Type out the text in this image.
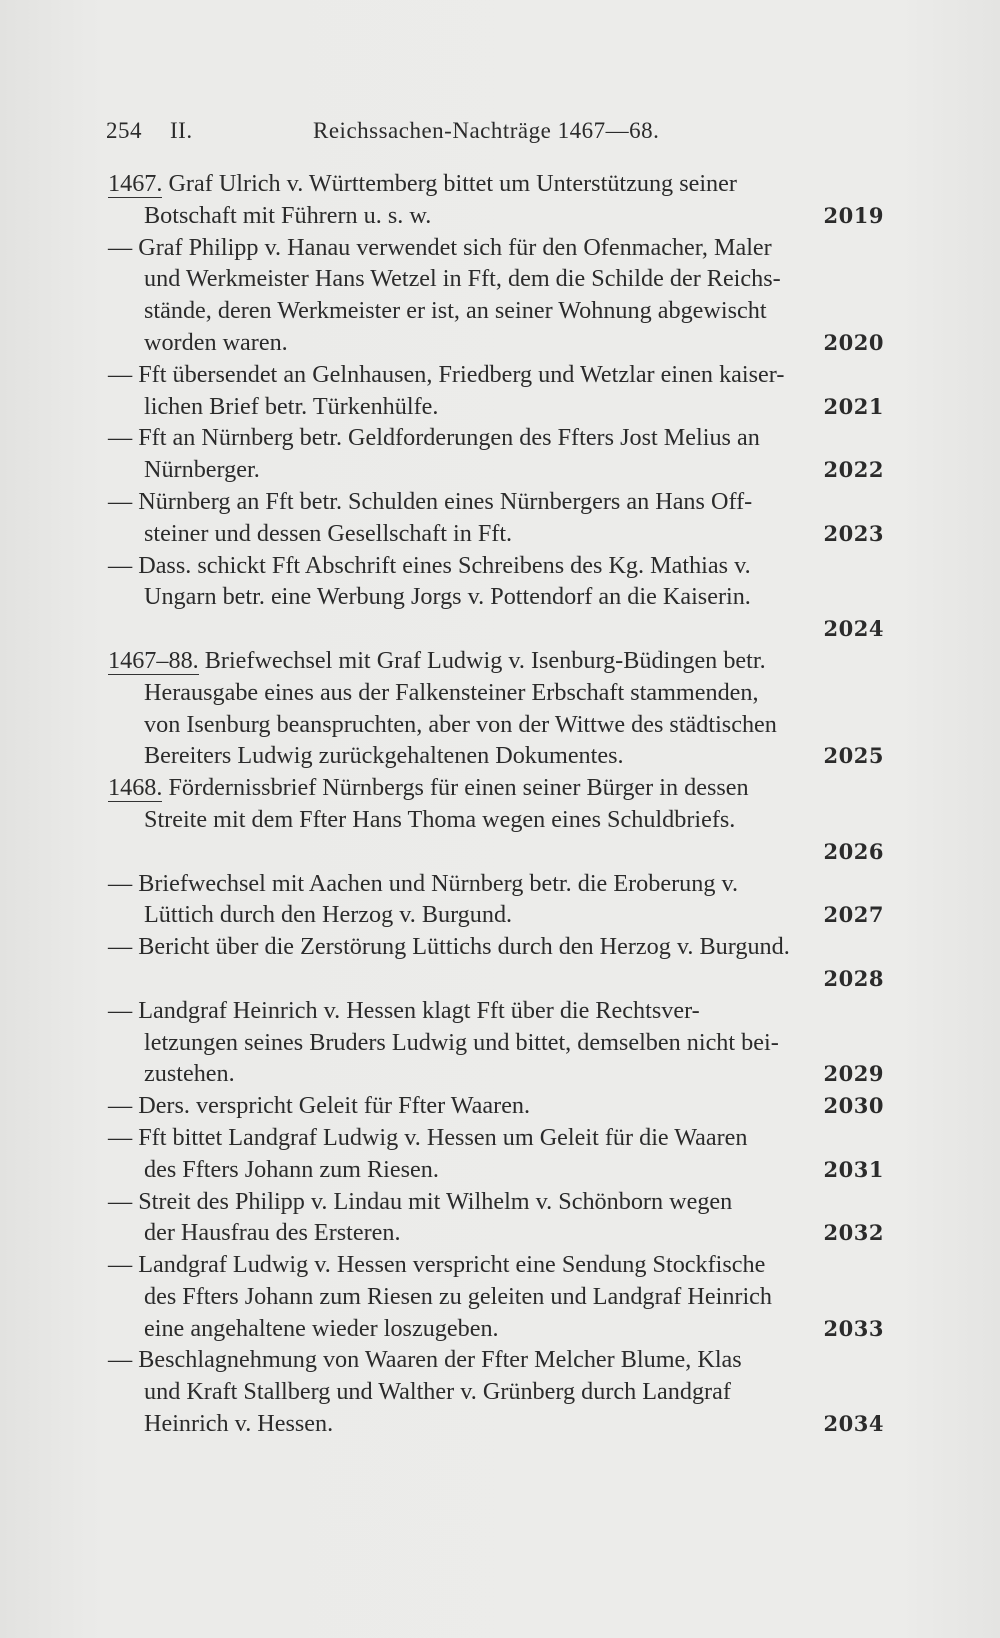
254 II.	Reichssachen-Nachträge 1467—68.
1467. Graf Ulrich v. Württemberg bittet um Unterstützung seiner
2019
Botschaft mit Führern u. s. w.
— Graf Philipp v. Hanau verwendet sich für den Ofenmacher, Maler
und Werkmeister Hans Wetzel in Fft, dem die Schilde der Reichs-
stände, deren Werkmeister er ist, an seiner Wohnung abgewischt
2020
worden waren.
— Fft übersendet an Gelnhausen, Friedberg und Wetzlar einen kaiser-
2021
lichen Brief betr. Türkenhülfe.
— Fft an Nürnberg betr. Geldforderungen des Ffters Jost Melius an
2022
Nürnberger.
— Nürnberg an Fft betr. Schulden eines Nürnbergers an Hans Off-
2023
steiner und dessen Gesellschaft in Fft.
— Dass. schickt Fft Abschrift eines Schreibens des Kg. Mathias v.
Ungarn betr. eine Werbung Jorgs v. Pottendorf an die Kaiserin.
2024
1467–88. Briefwechsel mit Graf Ludwig v. Isenburg-Büdingen betr.
Herausgabe eines aus der Falkensteiner Erbschaft stammenden,
von Isenburg beanspruchten, aber von der Wittwe des städtischen
2025
Bereiters Ludwig zurückgehaltenen Dokumentes.
1468. Fördernissbrief Nürnbergs für einen seiner Bürger in dessen
Streite mit dem Ffter Hans Thoma wegen eines Schuldbriefs.
2026
— Briefwechsel mit Aachen und Nürnberg betr. die Eroberung v.
2027
Lüttich durch den Herzog v. Burgund.
— Bericht über die Zerstörung Lüttichs durch den Herzog v. Burgund.
2028
— Landgraf Heinrich v. Hessen klagt Fft über die Rechtsver-
letzungen seines Bruders Ludwig und bittet, demselben nicht bei-
2029
zustehen.
2030
— Ders. verspricht Geleit für Ffter Waaren.
— Fft bittet Landgraf Ludwig v. Hessen um Geleit für die Waaren
2031
des Ffters Johann zum Riesen.
— Streit des Philipp v. Lindau mit Wilhelm v. Schönborn wegen
2032
der Hausfrau des Ersteren.
— Landgraf Ludwig v. Hessen verspricht eine Sendung Stockfische
des Ffters Johann zum Riesen zu geleiten und Landgraf Heinrich
2033
eine angehaltene wieder loszugeben.
— Beschlagnehmung von Waaren der Ffter Melcher Blume, Klas
und Kraft Stallberg und Walther v. Grünberg durch Landgraf
2034
Heinrich v. Hessen.
